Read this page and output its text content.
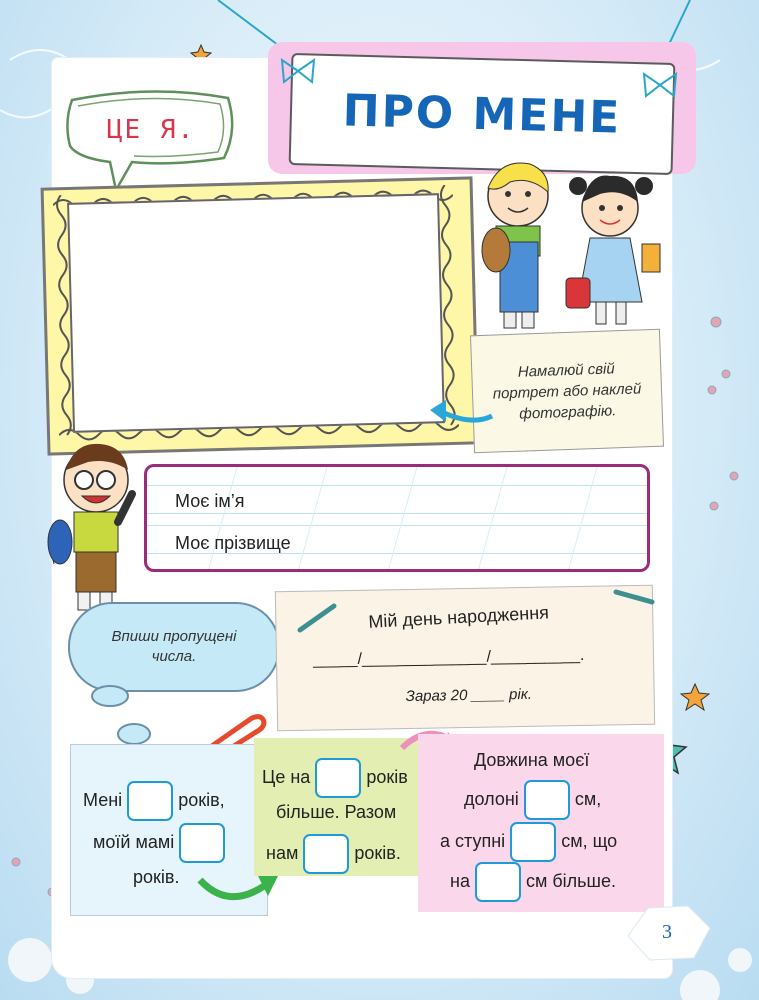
ПРО МЕНЕ
ЦЕ Я.
Намалюй свій портрет або наклей фотографію.
Моє ім’я
Моє прізвище
Впиши пропущені числа.
Мій день народження
_____/______________/__________.
Зараз 20 ____ рік.
Мені	років,
моїй мамі
років.
Це на	років
більше. Разом
нам	років.
Довжина моєї
долоні	см,
а ступні	см, що
на	см більше.
3
